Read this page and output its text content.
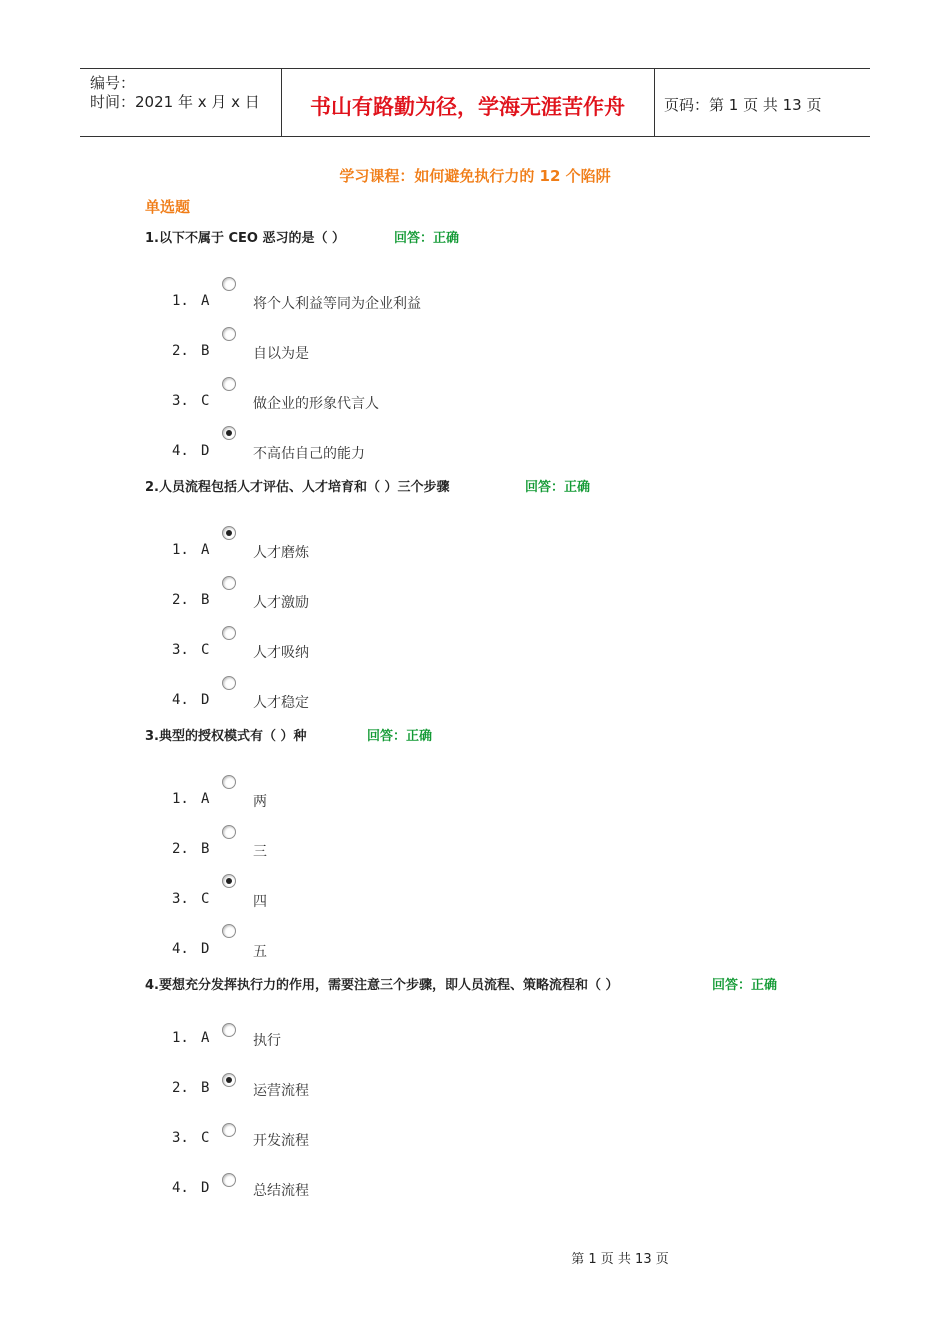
编号：
时间：2021 年 x 月 x 日	书山有路勤为径，学海无涯苦作舟	页码：第 1 页 共 13 页
学习课程：如何避免执行力的 12 个陷阱
单选题
1.以下不属于 CEO 恶习的是（ ）	回答：正确
1. A	将个人利益等同为企业利益
2. B	自以为是
3. C	做企业的形象代言人
4. D	不高估自己的能力
2.人员流程包括人才评估、人才培育和（ ）三个步骤	回答：正确
1. A	人才磨炼
2. B	人才激励
3. C	人才吸纳
4. D	人才稳定
3.典型的授权模式有（ ）种	回答：正确
1. A	两
2. B	三
3. C	四
4. D	五
4.要想充分发挥执行力的作用，需要注意三个步骤，即人员流程、策略流程和（ ）	回答：正确
1. A	执行
2. B	运营流程
3. C	开发流程
4. D	总结流程
第 1 页 共 13 页
